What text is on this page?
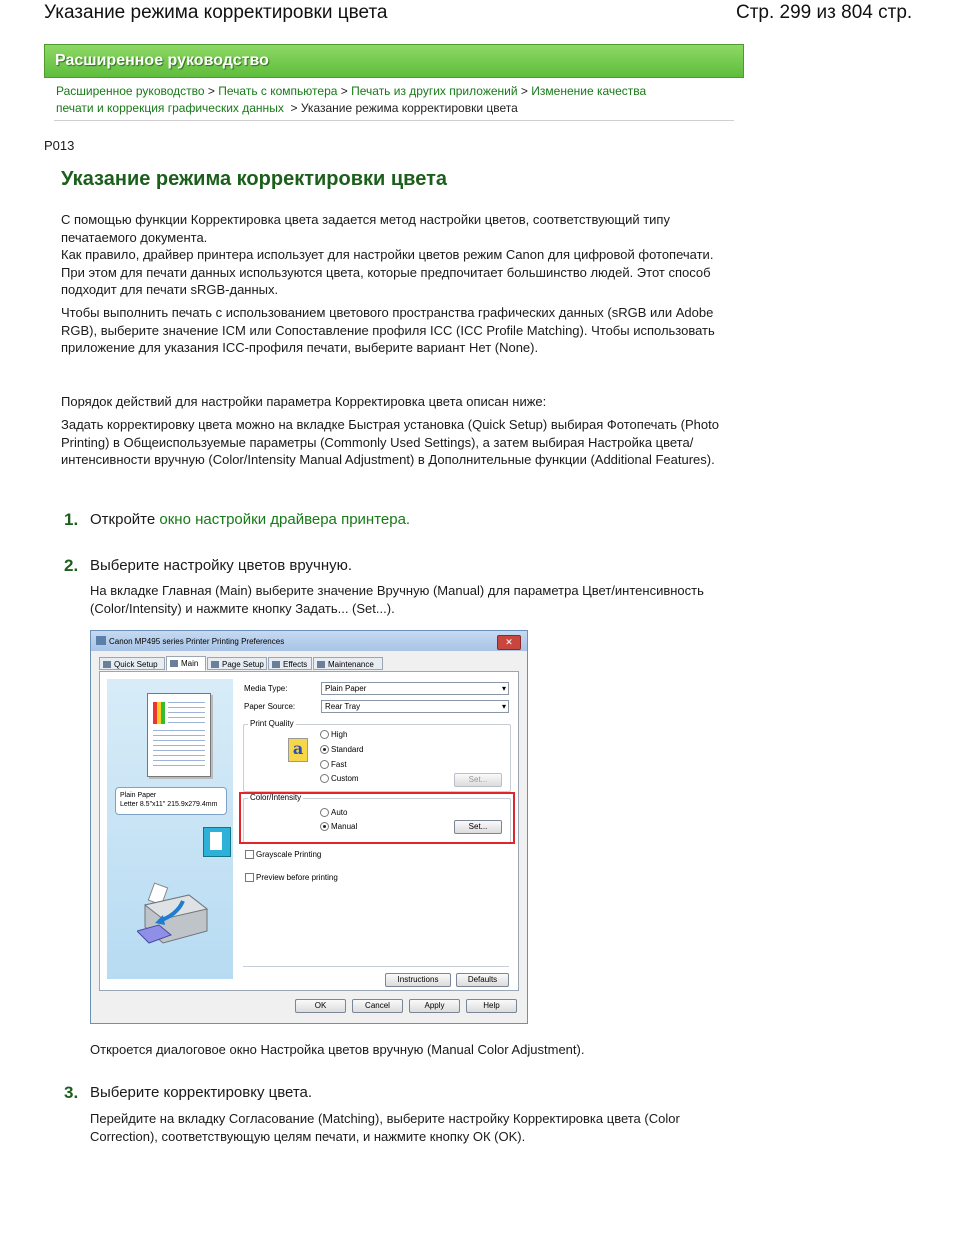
Указание режима корректировки цвета	Стр. 299 из 804 стр.
Расширенное руководство
Расширенное руководство > Печать с компьютера > Печать из других приложений > Изменение качества
печати и коррекция графических данных > Указание режима корректировки цвета
P013
Указание режима корректировки цвета

С помощью функции Корректировка цвета задается метод настройки цветов, соответствующий типу печатаемого документа.

Как правило, драйвер принтера использует для настройки цветов режим Canon для цифровой фотопечати. При этом для печати данных используются цвета, которые предпочитает большинство людей. Этот способ подходит для печати sRGB-данных.

Чтобы выполнить печать с использованием цветового пространства графических данных (sRGB или Adobe RGB), выберите значение ICM или Сопоставление профиля ICC (ICC Profile Matching). Чтобы использовать приложение для указания ICC-профиля печати, выберите вариант Нет (None).

Порядок действий для настройки параметра Корректировка цвета описан ниже:

Задать корректировку цвета можно на вкладке Быстрая установка (Quick Setup) выбирая Фотопечать (Photo Printing) в Общеиспользуемые параметры (Commonly Used Settings), а затем выбирая Настройка цвета/интенсивности вручную (Color/Intensity Manual Adjustment) в Дополнительные функции (Additional Features).

1. Откройте окно настройки драйвера принтера.
2. Выберите настройку цветов вручную.

На вкладке Главная (Main) выберите значение Вручную (Manual) для параметра Цвет/интенсивность (Color/Intensity) и нажмите кнопку Задать... (Set...).

Canon MP495 series Printer Printing Preferences	✕
Quick Setup	Main	Page Setup	Effects	Maintenance
Plain Paper
Letter 8.5"x11" 215.9x279.4mm
Media Type:	Plain Paper ▾
Paper Source:	Rear Tray ▾
Print Quality
a
High
Standard
Fast
Custom	Set...
Color/Intensity
Auto
Manual	Set...
Grayscale Printing
Preview before printing
Instructions	Defaults
OK	Cancel	Apply	Help

Откроется диалоговое окно Настройка цветов вручную (Manual Color Adjustment).

3. Выберите корректировку цвета.

Перейдите на вкладку Согласование (Matching), выберите настройку Корректировка цвета (Color Correction), соответствующую целям печати, и нажмите кнопку ОК (OK).
